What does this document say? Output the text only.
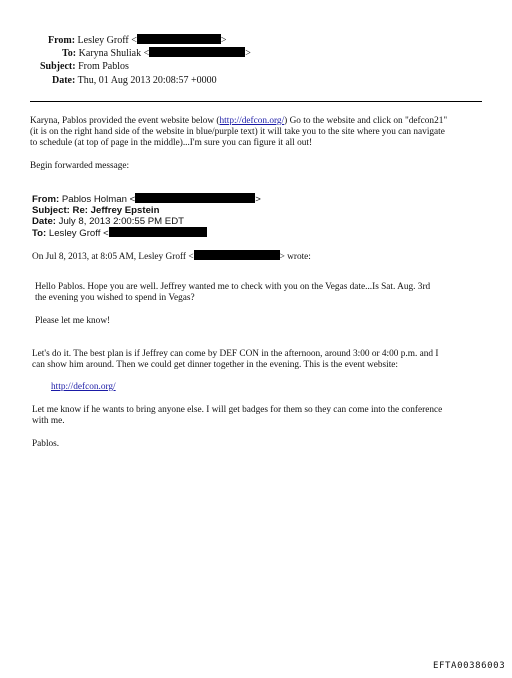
From: Lesley Groff <	>
To: Karyna Shuliak <	>
Subject: From Pablos
Date: Thu, 01 Aug 2013 20:08:57 +0000
Karyna, Pablos provided the event website below (http://defcon.org/) Go to the website and click on "defcon21"
(it is on the right hand side of the website in blue/purple text) it will take you to the site where you can navigate
to schedule (at top of page in the middle)...I'm sure you can figure it all out!
Begin forwarded message:
From: Pablos Holman <	>
Subject: Re: Jeffrey Epstein
Date: July 8, 2013 2:00:55 PM EDT
To: Lesley Groff <
On Jul 8, 2013, at 8:05 AM, Lesley Groff <	> wrote:
Hello Pablos. Hope you are well. Jeffrey wanted me to check with you on the Vegas date...Is Sat. Aug. 3rd
the evening you wished to spend in Vegas?
Please let me know!
Let's do it. The best plan is if Jeffrey can come by DEF CON in the afternoon, around 3:00 or 4:00 p.m. and I
can show him around. Then we could get dinner together in the evening. This is the event website:
http://defcon.org/
Let me know if he wants to bring anyone else. I will get badges for them so they can come into the conference
with me.
Pablos.
EFTA00386003
